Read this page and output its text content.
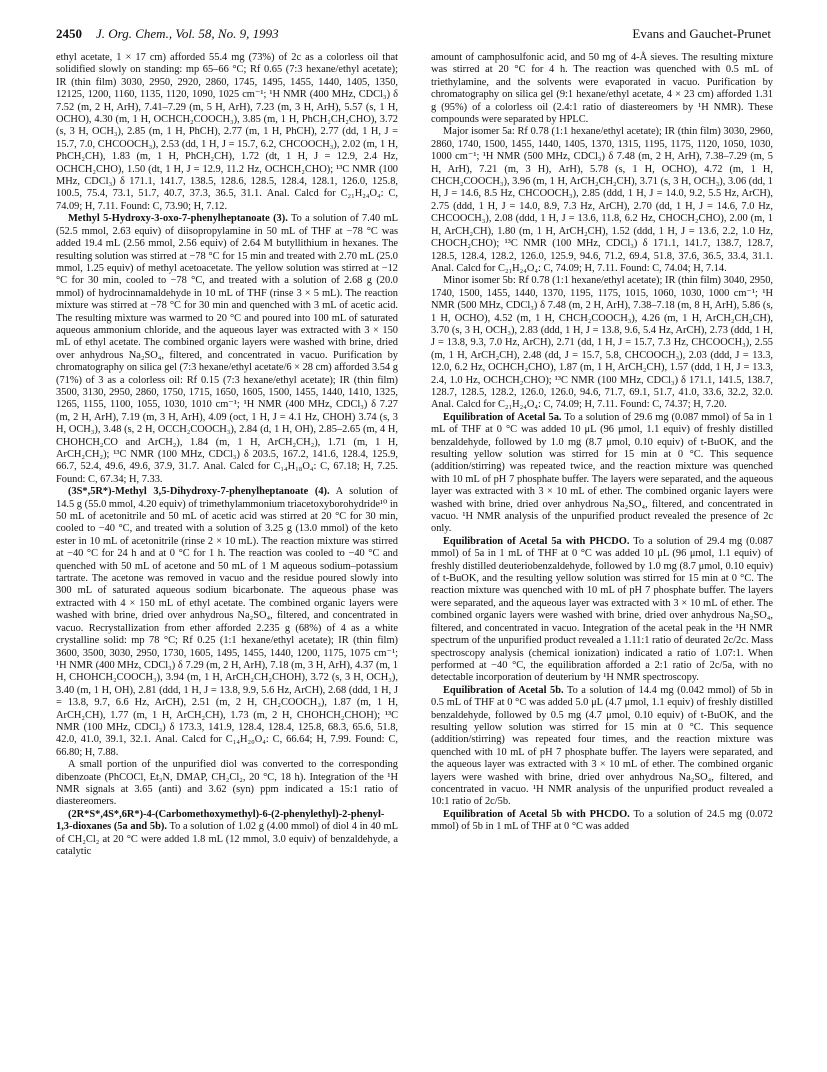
2450 J. Org. Chem., Vol. 58, No. 9, 1993	Evans and Gauchet-Prunet

ethyl acetate, 1 × 17 cm) afforded 55.4 mg (73%) of 2c as a colorless oil that solidified slowly on standing: mp 65–66 °C; Rf 0.65 (7:3 hexane/ethyl acetate); IR (thin film) 3030, 2950, 2920, 2860, 1745, 1495, 1455, 1440, 1405, 1350, 12125, 1200, 1160, 1135, 1120, 1090, 1025 cm⁻¹; ¹H NMR (400 MHz, CDCl₃) δ 7.52 (m, 2 H, ArH), 7.41–7.29 (m, 5 H, ArH), 7.23 (m, 3 H, ArH), 5.57 (s, 1 H, OCHO), 4.30 (m, 1 H, OCHCH₂COOCH₃), 3.85 (m, 1 H, PhCH₂CH₂CHO), 3.72 (s, 3 H, OCH₃), 2.85 (m, 1 H, PhCH), 2.77 (m, 1 H, PhCH), 2.77 (dd, 1 H, J = 15.7, 7.0, CHCOOCH₃), 2.53 (dd, 1 H, J = 15.7, 6.2, CHCOOCH₃), 2.02 (m, 1 H, PhCH₂CH), 1.83 (m, 1 H, PhCH₂CH), 1.72 (dt, 1 H, J = 12.9, 2.4 Hz, OCHCH₂CHO), 1.50 (dt, 1 H, J = 12.9, 11.2 Hz, OCHCH₂CHO); ¹³C NMR (100 MHz, CDCl₃) δ 171.1, 141.7, 138.5, 128.6, 128.5, 128.4, 128.1, 126.0, 125.8, 100.5, 75.4, 73.1, 51.7, 40.7, 37.3, 36.5, 31.1. Anal. Calcd for C₂₁H₂₄O₄: C, 74.09; H, 7.11. Found: C, 73.90; H, 7.12.

Methyl 5-Hydroxy-3-oxo-7-phenylheptanoate (3). To a solution of 7.40 mL (52.5 mmol, 2.63 equiv) of diisopropylamine in 50 mL of THF at −78 °C was added 19.4 mL (2.56 mmol, 2.56 equiv) of 2.64 M butyllithium in hexanes. The resulting solution was stirred at −78 °C for 15 min and treated with 2.70 mL (25.0 mmol, 1.25 equiv) of methyl acetoacetate. The yellow solution was stirred at −12 °C for 30 min, cooled to −78 °C, and treated with a solution of 2.68 g (20.0 mmol) of hydrocinnamaldehyde in 10 mL of THF (rinse 3 × 5 mL). The reaction mixture was stirred at −78 °C for 30 min and quenched with 3 mL of acetic acid. The resulting mixture was warmed to 20 °C and poured into 100 mL of saturated aqueous ammonium chloride, and the aqueous layer was extracted with 3 × 150 mL of ethyl acetate. The combined organic layers were washed with brine, dried over anhydrous Na₂SO₄, filtered, and concentrated in vacuo. Purification by chromatography on silica gel (7:3 hexane/ethyl acetate/6 × 28 cm) afforded 3.54 g (71%) of 3 as a colorless oil: Rf 0.15 (7:3 hexane/ethyl acetate); IR (thin film) 3500, 3130, 2950, 2860, 1750, 1715, 1650, 1605, 1500, 1455, 1440, 1410, 1325, 1265, 1155, 1100, 1055, 1030, 1010 cm⁻¹; ¹H NMR (400 MHz, CDCl₃) δ 7.27 (m, 2 H, ArH), 7.19 (m, 3 H, ArH), 4.09 (oct, 1 H, J = 4.1 Hz, CHOH) 3.74 (s, 3 H, OCH₃), 3.48 (s, 2 H, OCCH₂COOCH₃), 2.84 (d, 1 H, OH), 2.85–2.65 (m, 4 H, CHOHCH₂CO and ArCH₂), 1.84 (m, 1 H, ArCH₂CH₂), 1.71 (m, 1 H, ArCH₂CH₂); ¹³C NMR (100 MHz, CDCl₃) δ 203.5, 167.2, 141.6, 128.4, 125.9, 66.7, 52.4, 49.6, 49.6, 37.9, 31.7. Anal. Calcd for C₁₄H₁₈O₄: C, 67.18; H, 7.25. Found: C, 67.34; H, 7.33.

(3S*,5R*)-Methyl 3,5-Dihydroxy-7-phenylheptanoate (4). A solution of 14.5 g (55.0 mmol, 4.20 equiv) of trimethylammonium triacetoxyborohydride¹⁰ in 50 mL of acetonitrile and 50 mL of acetic acid was stirred at 20 °C for 30 min, cooled to −40 °C, and treated with a solution of 3.25 g (13.0 mmol) of the keto ester in 10 mL of acetonitrile (rinse 2 × 10 mL). The reaction mixture was stirred at −40 °C for 24 h and at 0 °C for 1 h. The reaction was cooled to −40 °C and quenched with 50 mL of acetone and 50 mL of 1 M aqueous sodium–potassium tartrate. The acetone was removed in vacuo and the residue poured slowly into 300 mL of saturated aqueous sodium bicarbonate. The aqueous phase was extracted with 4 × 150 mL of ethyl acetate. The combined organic layers were washed with brine, dried over anhydrous Na₂SO₄, filtered, and concentrated in vacuo. Recrystallization from ether afforded 2.235 g (68%) of 4 as a white crystalline solid: mp 78 °C; Rf 0.25 (1:1 hexane/ethyl acetate); IR (thin film) 3600, 3500, 3030, 2950, 1730, 1605, 1495, 1455, 1440, 1200, 1175, 1075 cm⁻¹; ¹H NMR (400 MHz, CDCl₃) δ 7.29 (m, 2 H, ArH), 7.18 (m, 3 H, ArH), 4.37 (m, 1 H, CHOHCH₂COOCH₃), 3.94 (m, 1 H, ArCH₂CH₂CHOH), 3.72 (s, 3 H, OCH₃), 3.40 (m, 1 H, OH), 2.81 (ddd, 1 H, J = 13.8, 9.9, 5.6 Hz, ArCH), 2.68 (ddd, 1 H, J = 13.8, 9.7, 6.6 Hz, ArCH), 2.51 (m, 2 H, CH₂COOCH₃), 1.87 (m, 1 H, ArCH₂CH), 1.77 (m, 1 H, ArCH₂CH), 1.73 (m, 2 H, CHOHCH₂CHOH); ¹³C NMR (100 MHz, CDCl₃) δ 173.3, 141.9, 128.4, 128.4, 125.8, 68.3, 65.6, 51.8, 42.0, 41.0, 39.1, 32.1. Anal. Calcd for C₁₄H₂₀O₄: C, 66.64; H, 7.99. Found: C, 66.80; H, 7.88.

A small portion of the unpurified diol was converted to the corresponding dibenzoate (PhCOCl, Et₃N, DMAP, CH₂Cl₂, 20 °C, 18 h). Integration of the ¹H NMR signals at 3.65 (anti) and 3.62 (syn) ppm indicated a 15:1 ratio of diastereomers.

(2R*S*,4S*,6R*)-4-(Carbomethoxymethyl)-6-(2-phenylethyl)-2-phenyl-1,3-dioxanes (5a and 5b). To a solution of 1.02 g (4.00 mmol) of diol 4 in 40 mL of CH₂Cl₂ at 20 °C were added 1.8 mL (12 mmol, 3.0 equiv) of benzaldehyde, a catalytic

amount of camphosulfonic acid, and 50 mg of 4-Å sieves. The resulting mixture was stirred at 20 °C for 4 h. The reaction was quenched with 0.5 mL of triethylamine, and the solvents were evaporated in vacuo. Purification by chromatography on silica gel (9:1 hexane/ethyl acetate, 4 × 23 cm) afforded 1.31 g (95%) of a colorless oil (2.4:1 ratio of diastereomers by ¹H NMR). These compounds were separated by HPLC.

Major isomer 5a: Rf 0.78 (1:1 hexane/ethyl acetate); IR (thin film) 3030, 2960, 2860, 1740, 1500, 1455, 1440, 1405, 1370, 1315, 1195, 1175, 1120, 1050, 1030, 1000 cm⁻¹; ¹H NMR (500 MHz, CDCl₃) δ 7.48 (m, 2 H, ArH), 7.38–7.29 (m, 5 H, ArH), 7.21 (m, 3 H), ArH), 5.78 (s, 1 H, OCHO), 4.72 (m, 1 H, CHCH₂COOCH₃), 3.96 (m, 1 H, ArCH₂CH₂CH), 3.71 (s, 3 H, OCH₃), 3.06 (dd, 1 H, J = 14.6, 8.5 Hz, CHCOOCH₃), 2.85 (ddd, 1 H, J = 14.0, 9.2, 5.5 Hz, ArCH), 2.75 (ddd, 1 H, J = 14.0, 8.9, 7.3 Hz, ArCH), 2.70 (dd, 1 H, J = 14.6, 7.0 Hz, CHCOOCH₃), 2.08 (ddd, 1 H, J = 13.6, 11.8, 6.2 Hz, CHOCH₂CHO), 2.00 (m, 1 H, ArCH₂CH), 1.80 (m, 1 H, ArCH₂CH), 1.52 (ddd, 1 H, J = 13.6, 2.2, 1.0 Hz, CHOCH₂CHO); ¹³C NMR (100 MHz, CDCl₃) δ 171.1, 141.7, 138.7, 128.7, 128.5, 128.4, 128.2, 126.0, 125.9, 94.6, 71.2, 69.4, 51.8, 37.6, 36.5, 33.4, 31.1. Anal. Calcd for C₂₁H₂₄O₄: C, 74.09; H, 7.11. Found: C, 74.04; H, 7.14.

Minor isomer 5b: Rf 0.78 (1:1 hexane/ethyl acetate); IR (thin film) 3040, 2950, 1740, 1500, 1455, 1440, 1370, 1195, 1175, 1015, 1060, 1030, 1000 cm⁻¹; ¹H NMR (500 MHz, CDCl₃) δ 7.48 (m, 2 H, ArH), 7.38–7.18 (m, 8 H, ArH), 5.86 (s, 1 H, OCHO), 4.52 (m, 1 H, CHCH₂COOCH₃), 4.26 (m, 1 H, ArCH₂CH₂CH), 3.70 (s, 3 H, OCH₃), 2.83 (ddd, 1 H, J = 13.8, 9.6, 5.4 Hz, ArCH), 2.73 (ddd, 1 H, J = 13.8, 9.3, 7.0 Hz, ArCH), 2.71 (dd, 1 H, J = 15.7, 7.3 Hz, CHCOOCH₃), 2.55 (m, 1 H, ArCH₂CH), 2.48 (dd, J = 15.7, 5.8, CHCOOCH₃), 2.03 (ddd, J = 13.3, 12.0, 6.2 Hz, OCHCH₂CHO), 1.87 (m, 1 H, ArCH₂CH), 1.57 (ddd, 1 H, J = 13.3, 2.4, 1.0 Hz, OCHCH₂CHO); ¹³C NMR (100 MHz, CDCl₃) δ 171.1, 141.5, 138.7, 128.7, 128.5, 128.2, 126.0, 126.0, 94.6, 71.7, 69.1, 51.7, 41.0, 33.6, 32.2, 32.0. Anal. Calcd for C₂₁H₂₄O₄: C, 74.09; H, 7.11. Found: C, 74.37; H, 7.20.

Equilibration of Acetal 5a. To a solution of 29.6 mg (0.087 mmol) of 5a in 1 mL of THF at 0 °C was added 10 μL (96 μmol, 1.1 equiv) of freshly distilled benzaldehyde, followed by 1.0 mg (8.7 μmol, 0.10 equiv) of t-BuOK, and the resulting yellow solution was stirred for 15 min at 0 °C. This sequence (addition/stirring) was repeated twice, and the reaction mixture was quenched with 10 mL of pH 7 phosphate buffer. The layers were separated, and the aqueous layer was extracted with 3 × 10 mL of ether. The combined organic layers were washed with brine, dried over anhydrous Na₂SO₄, filtered, and concentrated in vacuo. ¹H NMR analysis of the unpurified product revealed the presence of 2c only.

Equilibration of Acetal 5a with PHCDO. To a solution of 29.4 mg (0.087 mmol) of 5a in 1 mL of THF at 0 °C was added 10 μL (96 μmol, 1.1 equiv) of freshly distilled deuteriobenzaldehyde, followed by 1.0 mg (8.7 μmol, 0.10 equiv) of t-BuOK, and the resulting yellow solution was stirred for 15 min at 0 °C. The reaction mixture was quenched with 10 mL of pH 7 phosphate buffer. The layers were separated, and the aqueous layer was extracted with 3 × 10 mL of ether. The combined organic layers were washed with brine, dried over anhydrous Na₂SO₄, filtered, and concentrated in vacuo. Integration of the acetal peak in the ¹H NMR spectrum of the unpurified product revealed a 1.11:1 ratio of deurated 2c/2c. Mass spectroscopy analysis (chemical ionization) indicated a ratio of 1.07:1. When performed at −40 °C, the equilibration afforded a 2:1 ratio of 2c/5a, with no detectable incorporation of deuterium by ¹H NMR spectroscopy.

Equilibration of Acetal 5b. To a solution of 14.4 mg (0.042 mmol) of 5b in 0.5 mL of THF at 0 °C was added 5.0 μL (4.7 μmol, 1.1 equiv) of freshly distilled benzaldehyde, followed by 0.5 mg (4.7 μmol, 0.10 equiv) of t-BuOK, and the resulting yellow solution was stirred for 15 min at 0 °C. This sequence (addition/stirring) was repeated four times, and the reaction mixture was quenched with 10 mL of pH 7 phosphate buffer. The layers were separated, and the aqueous layer was extracted with 3 × 10 mL of ether. The combined organic layers were washed with brine, dried over anhydrous Na₂SO₄, filtered, and concentrated in vacuo. ¹H NMR analysis of the unpurified product revealed a 10:1 ratio of 2c/5b.

Equilibration of Acetal 5b with PHCDO. To a solution of 24.5 mg (0.072 mmol) of 5b in 1 mL of THF at 0 °C was added
